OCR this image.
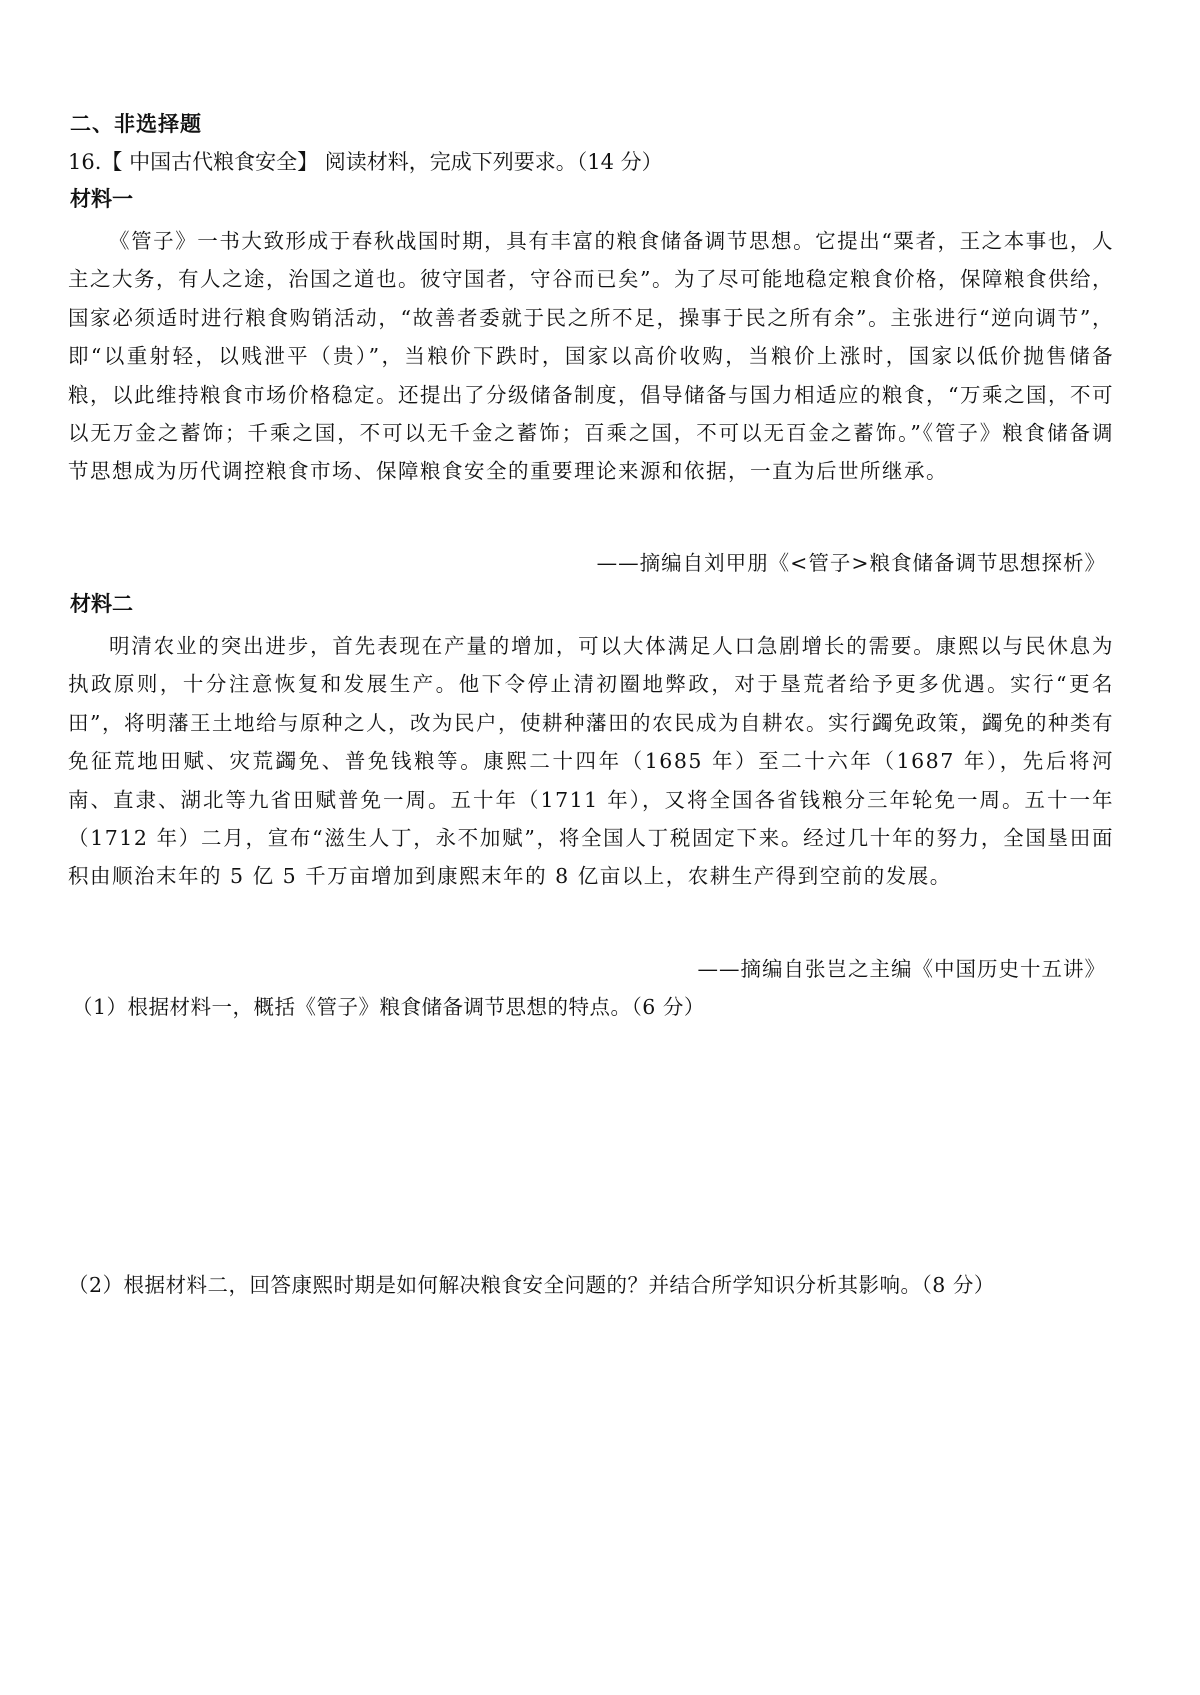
二、非选择题
16.【 中国古代粮食安全】 阅读材料，完成下列要求。（14 分）
材料一
《管子》一书大致形成于春秋战国时期，具有丰富的粮食储备调节思想。它提出“粟者，王之本事也，人主之大务，有人之途，治国之道也。彼守国者，守谷而已矣”。为了尽可能地稳定粮食价格，保障粮食供给，国家必须适时进行粮食购销活动，“故善者委就于民之所不足，操事于民之所有余”。主张进行“逆向调节”，即“以重射轻，以贱泄平（贵）”，当粮价下跌时，国家以高价收购，当粮价上涨时，国家以低价抛售储备粮，以此维持粮食市场价格稳定。还提出了分级储备制度，倡导储备与国力相适应的粮食，“万乘之国，不可以无万金之蓄饰；千乘之国，不可以无千金之蓄饰；百乘之国，不可以无百金之蓄饰。”《管子》粮食储备调节思想成为历代调控粮食市场、保障粮食安全的重要理论来源和依据，一直为后世所继承。
——摘编自刘甲朋《<管子>粮食储备调节思想探析》
材料二
明清农业的突出进步，首先表现在产量的增加，可以大体满足人口急剧增长的需要。康熙以与民休息为执政原则，十分注意恢复和发展生产。他下令停止清初圈地弊政，对于垦荒者给予更多优遇。实行“更名田”，将明藩王土地给与原种之人，改为民户，使耕种藩田的农民成为自耕农。实行蠲免政策，蠲免的种类有免征荒地田赋、灾荒蠲免、普免钱粮等。康熙二十四年（1685 年）至二十六年（1687 年），先后将河南、直隶、湖北等九省田赋普免一周。五十年（1711 年），又将全国各省钱粮分三年轮免一周。五十一年（1712 年）二月，宣布“滋生人丁，永不加赋”，将全国人丁税固定下来。经过几十年的努力，全国垦田面积由顺治末年的 5 亿 5 千万亩增加到康熙末年的 8 亿亩以上，农耕生产得到空前的发展。
——摘编自张岂之主编《中国历史十五讲》
（1）根据材料一，概括《管子》粮食储备调节思想的特点。（6 分）
（2）根据材料二，回答康熙时期是如何解决粮食安全问题的？并结合所学知识分析其影响。（8 分）
